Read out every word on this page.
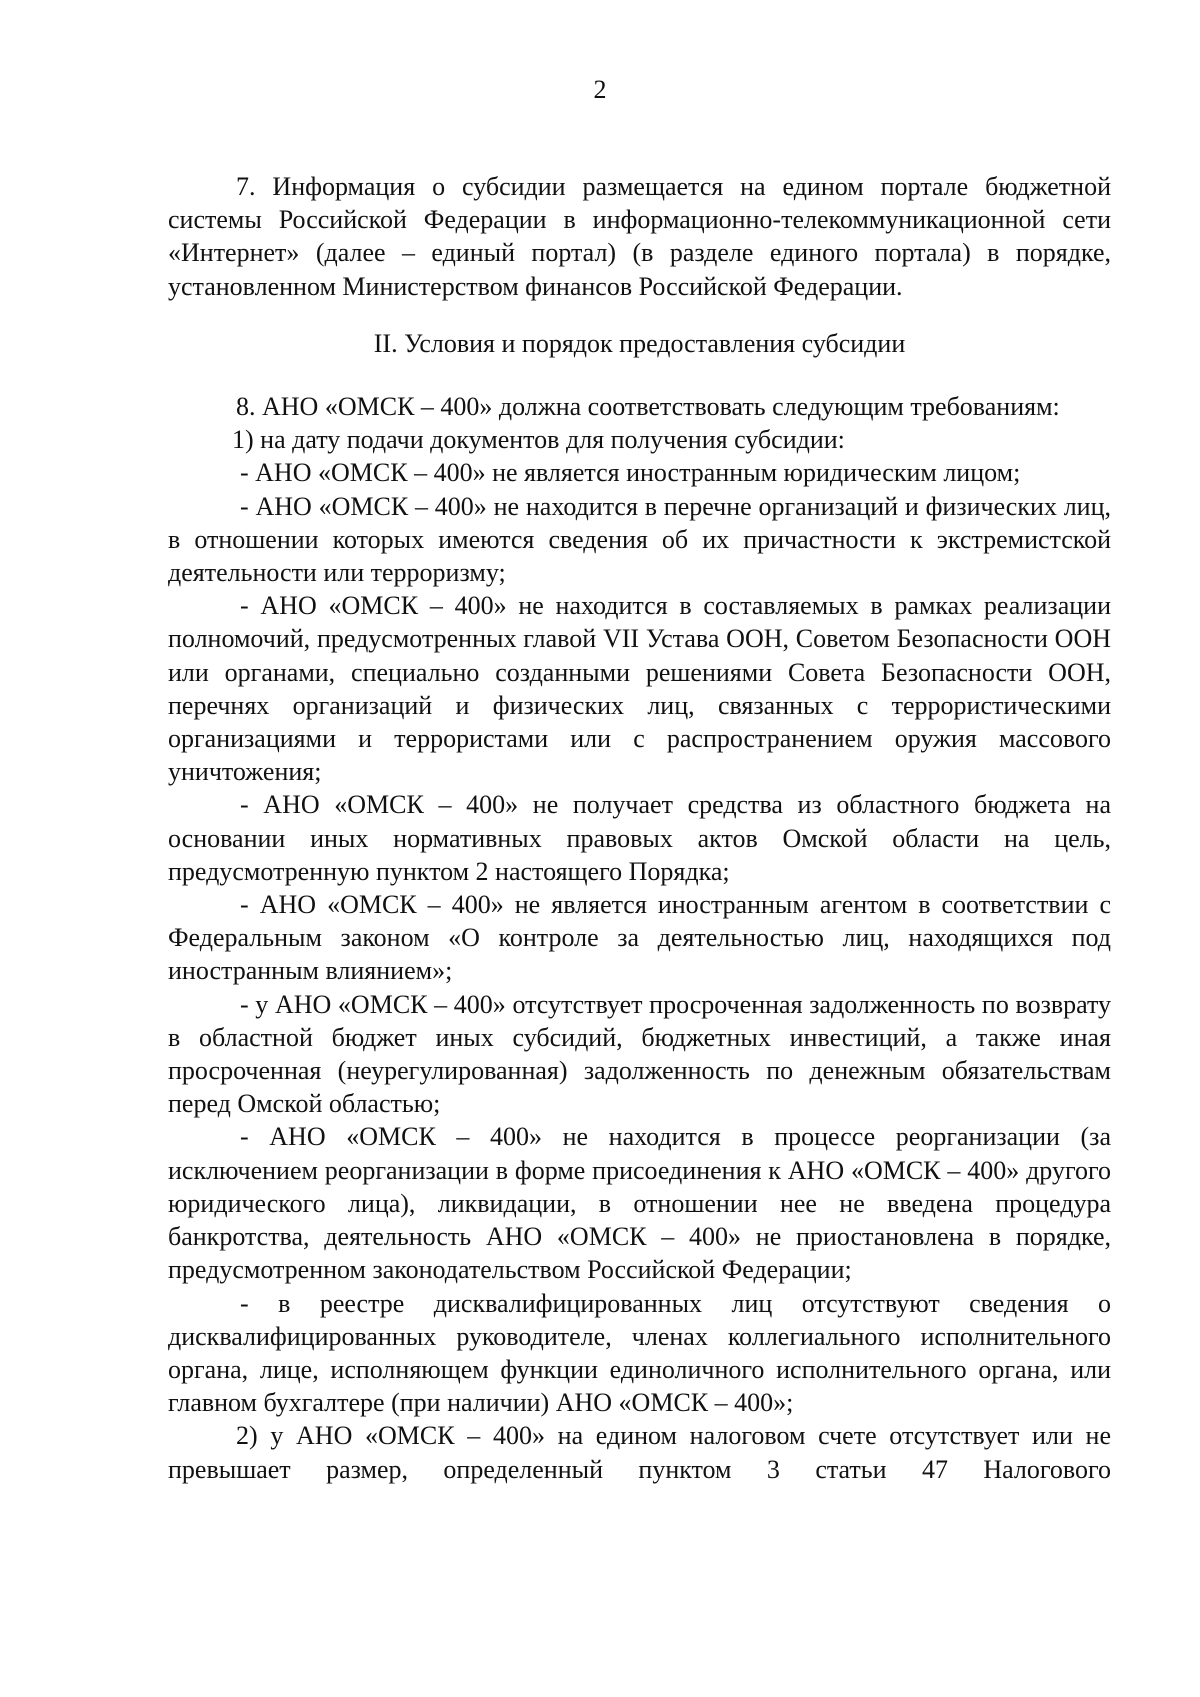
2

7. Информация о субсидии размещается на едином портале бюджетной системы Российской Федерации в информационно-телекоммуникационной сети «Интернет» (далее – единый портал) (в разделе единого портала) в порядке, установленном Министерством финансов Российской Федерации.

II. Условия и порядок предоставления субсидии

8. АНО «ОМСК – 400» должна соответствовать следующим требованиям:

1) на дату подачи документов для получения субсидии:

- АНО «ОМСК – 400» не является иностранным юридическим лицом;

- АНО «ОМСК – 400» не находится в перечне организаций и физических лиц, в отношении которых имеются сведения об их причастности к экстремистской деятельности или терроризму;

- АНО «ОМСК – 400» не находится в составляемых в рамках реализации полномочий, предусмотренных главой VII Устава ООН, Советом Безопасности ООН или органами, специально созданными решениями Совета Безопасности ООН, перечнях организаций и физических лиц, связанных с террористическими организациями и террористами или с распространением оружия массового уничтожения;

- АНО «ОМСК – 400» не получает средства из областного бюджета на основании иных нормативных правовых актов Омской области на цель, предусмотренную пунктом 2 настоящего Порядка;

- АНО «ОМСК – 400» не является иностранным агентом в соответствии с Федеральным законом «О контроле за деятельностью лиц, находящихся под иностранным влиянием»;

- у АНО «ОМСК – 400» отсутствует просроченная задолженность по возврату в областной бюджет иных субсидий, бюджетных инвестиций, а также иная просроченная (неурегулированная) задолженность по денежным обязательствам перед Омской областью;

- АНО «ОМСК – 400» не находится в процессе реорганизации (за исключением реорганизации в форме присоединения к АНО «ОМСК – 400» другого юридического лица), ликвидации, в отношении нее не введена процедура банкротства, деятельность АНО «ОМСК – 400» не приостановлена в порядке, предусмотренном законодательством Российской Федерации;

- в реестре дисквалифицированных лиц отсутствуют сведения о дисквалифицированных руководителе, членах коллегиального исполнительного органа, лице, исполняющем функции единоличного исполнительного органа, или главном бухгалтере (при наличии) АНО «ОМСК – 400»;

2) у АНО «ОМСК – 400» на едином налоговом счете отсутствует или не превышает размер, определенный пунктом 3 статьи 47 Налогового
